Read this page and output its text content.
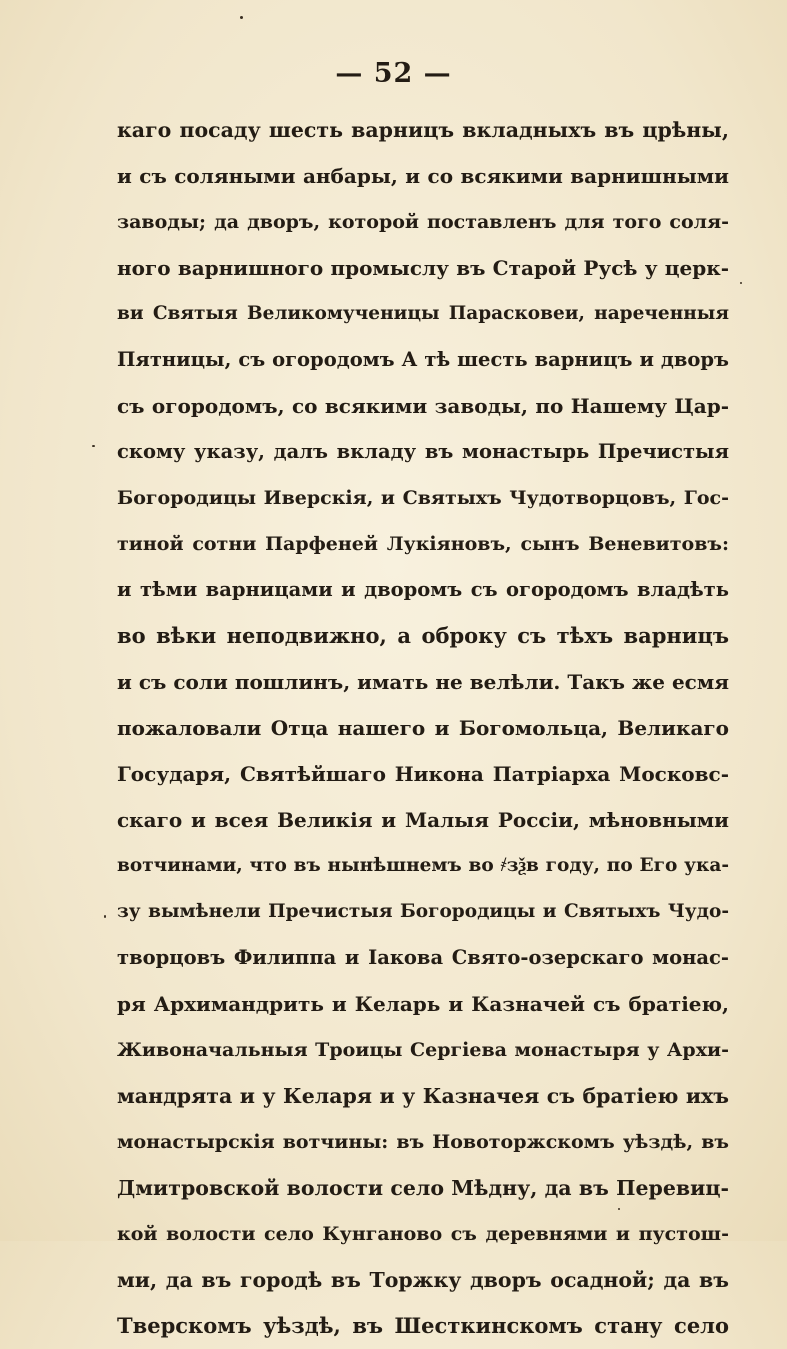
— 52 —
каго посаду шесть варницъ вкладныхъ въ црѣны,
и съ соляными анбары, и со всякими варнишными
заводы; да дворъ, которой поставленъ для того соля-
ного варнишного промыслу въ Старой Русѣ у церк-
ви Святыя Великомученицы Параскoвеи, нареченныя
Пятницы, съ огородомъ А тѣ шесть варницъ и дворъ
съ огородомъ, со всякими заводы, по Нашему Цар-
скому указу, далъ вкладу въ монастырь Пречистыя
Богородицы Иверскiя, и Святыхъ Чудотворцовъ, Гос-
тиной сотни Парфеней Лукiяновъ, сынъ Веневитовъ:
и тѣми варницами и дворомъ съ огородомъ владѣть
во вѣки неподвижно, а оброку съ тѣхъ варницъ
и съ соли пошлинъ, имать не велѣли. Такъ же есмя
пожаловали Отца нашего и Богомольца, Великаго
Государя, Святѣйшаго Никона Патрiарха Московс-
скаго и всея Великiя и Малыя Россiи, мѣновными
вотчинами, что въ нынѣшнемъ во ҂зѯв году, по Его ука-
зу вымѣнели Пречистыя Богородицы и Святыхъ Чудо-
творцовъ Филиппа и Iакова Свято-озерскаго монас-
ря Архимандрить и Келарь и Казначей съ братiею,
Живоначальныя Троицы Сергiева монастыря у Архи-
мандрята и у Келаря и у Казначея съ братiею ихъ
монастырскiя вотчины: въ Новоторжскомъ уѣздѣ, въ
Дмитровской волости село Мѣдну, да въ Перевиц-
кой волости село Кунганово съ деревнями и пустош-
ми, да въ городѣ въ Торжку дворъ осадной; да въ
Тверскомъ уѣздѣ, въ Шесткинскомъ стану село
